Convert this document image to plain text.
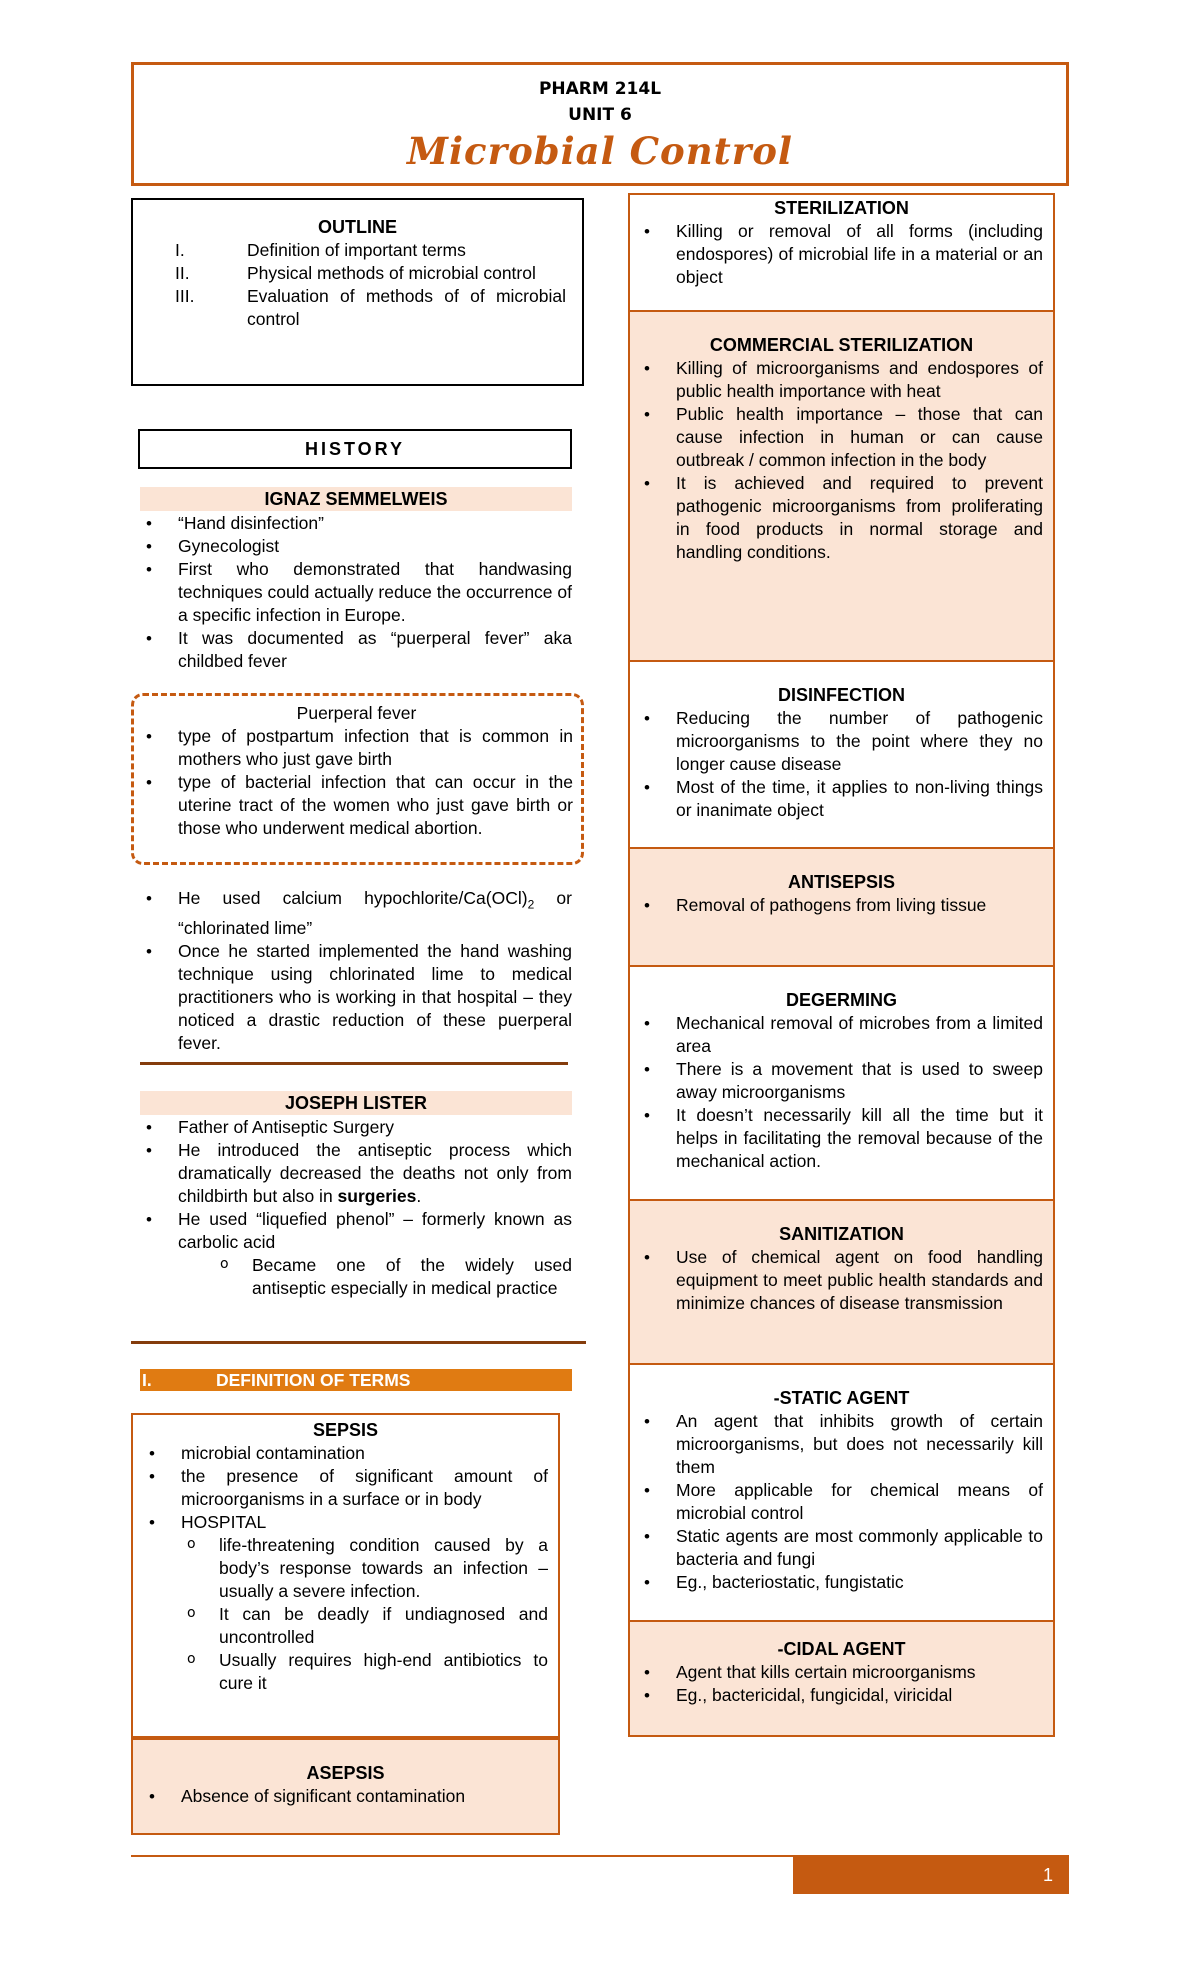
PHARM 214L
UNIT 6
Microbial Control
OUTLINE
I.	Definition of important terms
II.	Physical methods of microbial control
III.	Evaluation of methods of of microbial control
HISTORY
IGNAZ SEMMELWEIS
• “Hand disinfection”
• Gynecologist
• First who demonstrated that handwasing techniques could actually reduce the occurrence of a specific infection in Europe.
• It was documented as “puerperal fever” aka childbed fever
Puerperal fever
• type of postpartum infection that is common in mothers who just gave birth
• type of bacterial infection that can occur in the uterine tract of the women who just gave birth or those who underwent medical abortion.
• He used calcium hypochlorite/$Ca(OCl)_2$ or “chlorinated lime”
• Once he started implemented the hand washing technique using chlorinated lime to medical practitioners who is working in that hospital – they noticed a drastic reduction of these puerperal fever.
JOSEPH LISTER
• Father of Antiseptic Surgery
• He introduced the antiseptic process which dramatically decreased the deaths not only from childbirth but also in surgeries.
• He used “liquefied phenol” – formerly known as carbolic acid
o Became one of the widely used antiseptic especially in medical practice
I.	DEFINITION OF TERMS
SEPSIS
• microbial contamination
• the presence of significant amount of microorganisms in a surface or in body
• HOSPITAL
o life-threatening condition caused by a body’s response towards an infection – usually a severe infection.
o It can be deadly if undiagnosed and uncontrolled
o Usually requires high-end antibiotics to cure it
ASEPSIS
• Absence of significant contamination
STERILIZATION
• Killing or removal of all forms (including endospores) of microbial life in a material or an object
COMMERCIAL STERILIZATION
• Killing of microorganisms and endospores of public health importance with heat
• Public health importance – those that can cause infection in human or can cause outbreak / common infection in the body
• It is achieved and required to prevent pathogenic microorganisms from proliferating in food products in normal storage and handling conditions.
DISINFECTION
• Reducing the number of pathogenic microorganisms to the point where they no longer cause disease
• Most of the time, it applies to non-living things or inanimate object
ANTISEPSIS
• Removal of pathogens from living tissue
DEGERMING
• Mechanical removal of microbes from a limited area
• There is a movement that is used to sweep away microorganisms
• It doesn’t necessarily kill all the time but it helps in facilitating the removal because of the mechanical action.
SANITIZATION
• Use of chemical agent on food handling equipment to meet public health standards and minimize chances of disease transmission
-STATIC AGENT
• An agent that inhibits growth of certain microorganisms, but does not necessarily kill them
• More applicable for chemical means of microbial control
• Static agents are most commonly applicable to bacteria and fungi
• Eg., bacteriostatic, fungistatic
-CIDAL AGENT
• Agent that kills certain microorganisms
• Eg., bactericidal, fungicidal, viricidal
1
